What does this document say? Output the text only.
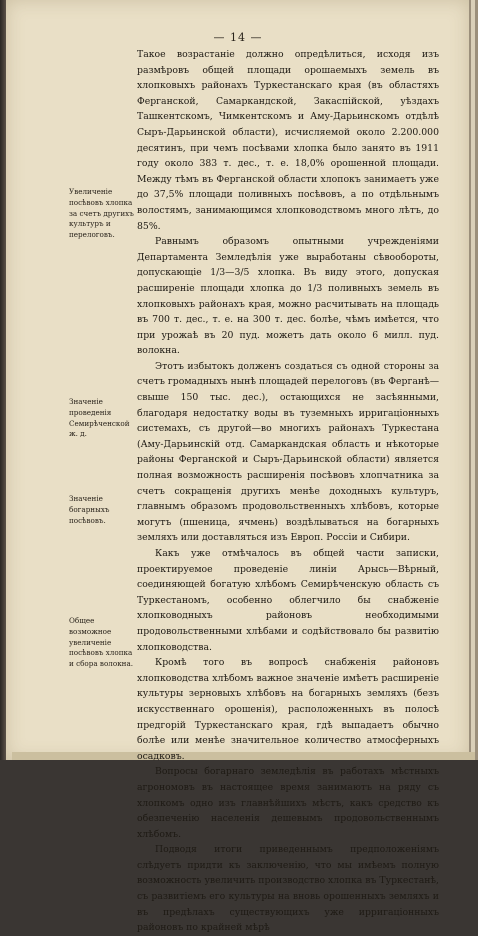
— 14 —
Увеличеніе посѣвовъ хлопка за счетъ другихъ культуръ и перелоговъ.
Значеніе проведенія Семирѣченской ж. д.
Значеніе богарныхъ посѣвовъ.
Общее возможное увеличеніе посѣвовъ хлопка и сбора волокна.

Такое возрастаніе должно опредѣлиться, исходя изъ размѣровъ общей площади орошаемыхъ земель въ хлопковыхъ районахъ Туркестанскаго края (въ областяхъ Ферганской, Самаркандской, Закаспійской, уѣздахъ Ташкентскомъ, Чимкентскомъ и Аму-Дарьинскомъ отдѣлѣ Сыръ-Дарьинской области), исчисляемой около 2.200.000 десятинъ, при чемъ посѣвами хлопка было занято въ 1911 году около 383 т. дес., т. е. 18,0% орошенной площади. Между тѣмъ въ Ферганской области хлопокъ занимаетъ уже до 37,5% площади поливныхъ посѣвовъ, а по отдѣльнымъ волостямъ, занимающимся хлопководствомъ много лѣтъ, до 85%.

Равнымъ образомъ опытными учрежденіями Департамента Земледѣлія уже выработаны сѣвообороты, допускающіе 1/3—3/5 хлопка. Въ виду этого, допуская расширеніе площади хлопка до 1/3 поливныхъ земель въ хлопковыхъ районахъ края, можно расчитывать на площадь въ 700 т. дес., т. е. на 300 т. дес. болѣе, чѣмъ имѣется, что при урожаѣ въ 20 пуд. можетъ дать около 6 милл. пуд. волокна.

Этотъ избытокъ долженъ создаться съ одной стороны за счетъ громадныхъ нынѣ площадей перелоговъ (въ Ферганѣ— свыше 150 тыс. дес.), остающихся не засѣянными, благодаря недостатку воды въ туземныхъ ирригаціонныхъ системахъ, съ другой—во многихъ районахъ Туркестана (Аму-Дарьинскій отд. Самаркандская область и нѣкоторые районы Ферганской и Сыръ-Дарьинской области) является полная возможность расширенія посѣвовъ хлопчатника за счетъ сокращенія другихъ менѣе доходныхъ культуръ, главнымъ образомъ продовольственныхъ хлѣбовъ, которые могутъ (пшеница, ячмень) воздѣлываться на богарныхъ земляхъ или доставляться изъ Европ. Россіи и Сибири.

Какъ уже отмѣчалось въ общей части записки, проектируемое проведеніе линіи Арысь—Вѣрный, соединяющей богатую хлѣбомъ Семирѣченскую область съ Туркестаномъ, особенно облегчило бы снабженіе хлопководныхъ районовъ необходимыми продовольственными хлѣбами и содѣйствовало бы развитію хлопководства.

Кромѣ того въ вопросѣ снабженія районовъ хлопководства хлѣбомъ важное значеніе имѣетъ расширеніе культуры зерновыхъ хлѣбовъ на богарныхъ земляхъ (безъ искусственнаго орошенія), расположенныхъ въ полосѣ предгорій Туркестанскаго края, гдѣ выпадаетъ обычно болѣе или менѣе значительное количество атмосферныхъ осадковъ.

Вопросы богарнаго земледѣлія въ работахъ мѣстныхъ агрономовъ въ настоящее время занимаютъ на ряду съ хлопкомъ одно изъ главнѣйшихъ мѣстъ, какъ средство къ обезпеченію населенія дешевымъ продовольственнымъ хлѣбомъ.

Подводя итоги приведеннымъ предположеніямъ слѣдуетъ придти къ заключенію, что мы имѣемъ полную возможность увеличить производство хлопка въ Туркестанѣ, съ развитіемъ его культуры на вновь орошенныхъ земляхъ и въ предѣлахъ существующихъ уже ирригаціонныхъ районовъ по крайней мѣрѣ
